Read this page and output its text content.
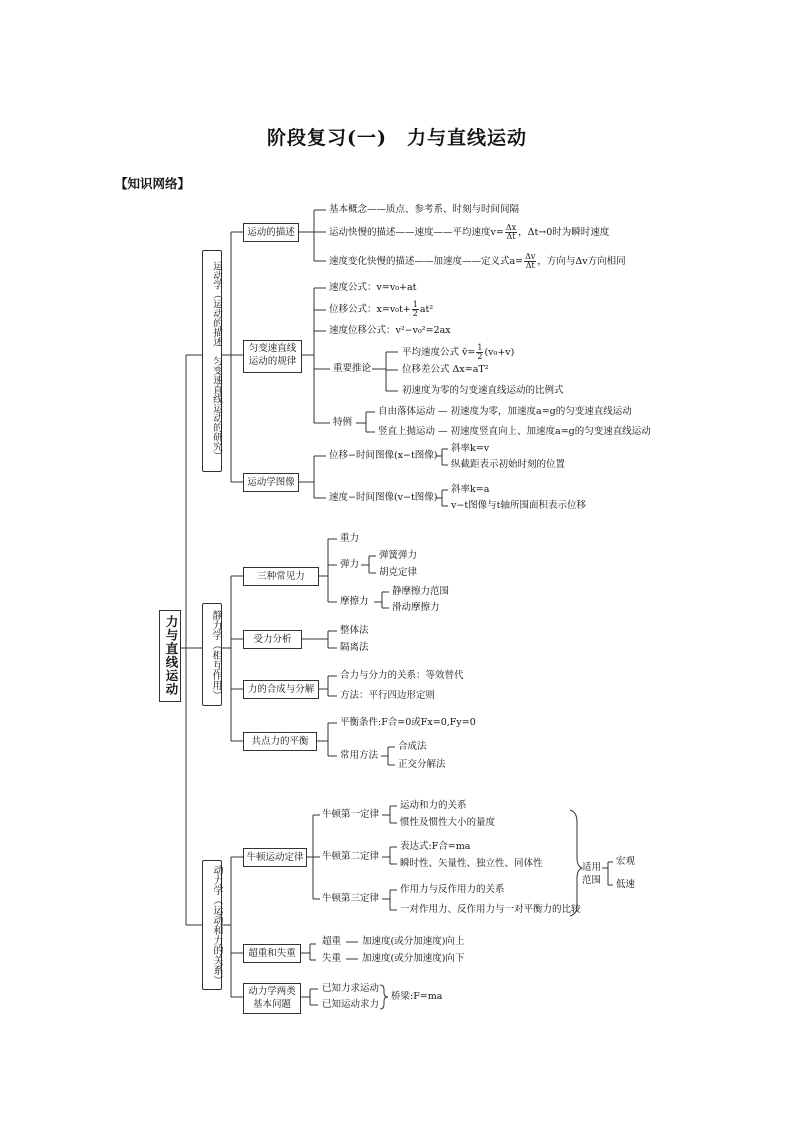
阶段复习(一) 力与直线运动
【知识网络】
力与直线运动
运动学（运动的描述　匀变速直线运动的研究）
静力学（相互作用）
动力学（运动和力的关系）
运动的描述
基本概念——质点、参考系、时刻与时间间隔
运动快慢的描述——速度——平均速度$v= \frac{\Delta x}{\Delta t}$ ，Δt→0时为瞬时速度
速度变化快慢的描述——加速度——定义式$a= \frac{\Delta v}{\Delta t}$ ，方向与Δv方向相同
匀变速直线运动的规律
速度公式：v=v₀+at
位移公式：$x=v_0t+ \frac{1}{2} at^2$
速度位移公式：v²−v₀²=2ax
重要推论
平均速度公式 v̄= $\frac{1}{2} (v_0+v)$
位移差公式 Δx=aT²
初速度为零的匀变速直线运动的比例式
特例
自由落体运动 — 初速度为零，加速度a=g的匀变速直线运动
竖直上抛运动 — 初速度竖直向上、加速度a=g的匀变速直线运动
运动学图像
位移−时间图像(x−t图像)
斜率k=v
纵截距表示初始时刻的位置
速度−时间图像(v−t图像)
斜率k=a
v−t图像与t轴所围面积表示位移
三种常见力
重力
弹力
弹簧弹力
胡克定律
摩擦力
静摩擦力范围
滑动摩擦力
受力分析
整体法
隔离法
力的合成与分解
合力与分力的关系：等效替代
方法：平行四边形定则
共点力的平衡
平衡条件:F合=0或Fx=0,Fy=0
常用方法
合成法
正交分解法
牛顿运动定律
牛顿第一定律
运动和力的关系
惯性及惯性大小的量度
牛顿第二定律
表达式:F合=ma
瞬时性、矢量性、独立性、同体性
牛顿第三定律
作用力与反作用力的关系
一对作用力、反作用力与一对平衡力的比较
适用范围
宏观
低速
超重和失重
超重 加速度(或分加速度)向上
失重 加速度(或分加速度)向下
动力学两类基本问题
已知力求运动
已知运动求力
桥梁:F=ma
